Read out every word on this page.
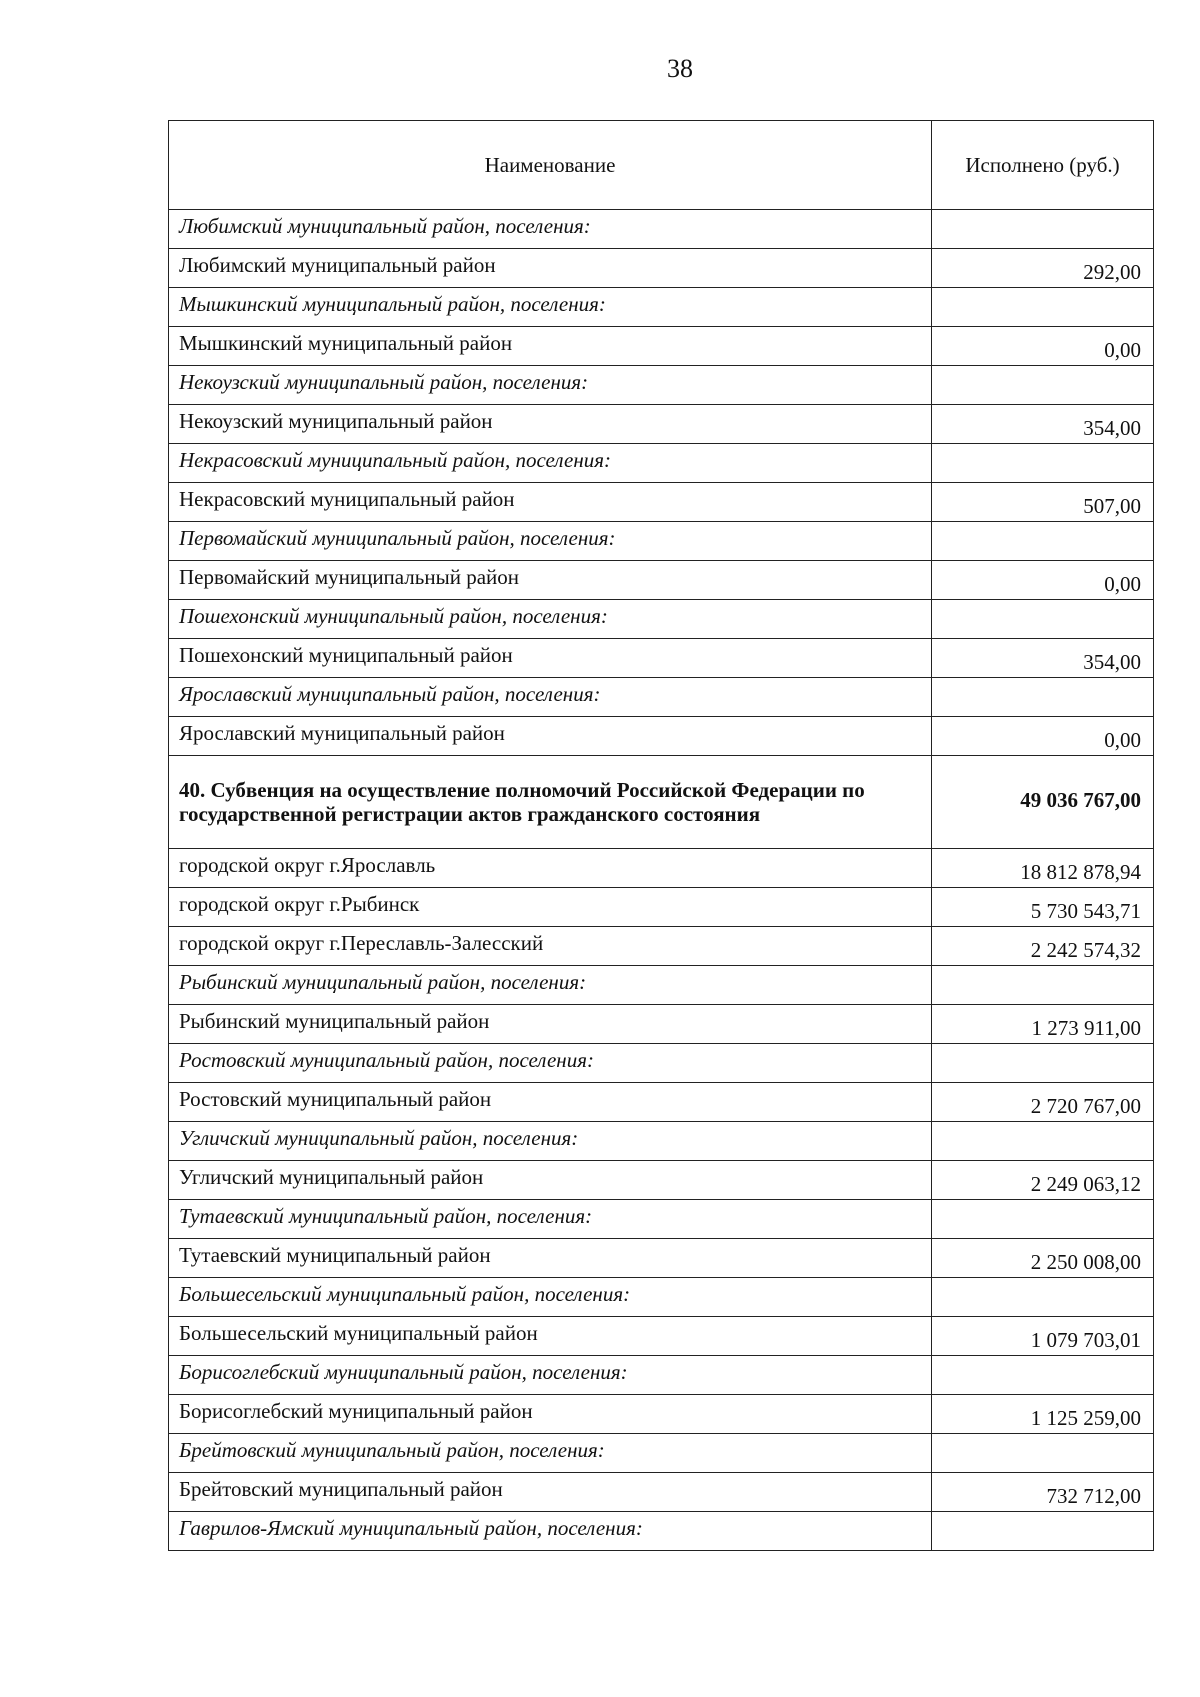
38
Наименование	Исполнено (руб.)
Любимский муниципальный район, поселения:	
Любимский муниципальный район	292,00
Мышкинский муниципальный район, поселения:	
Мышкинский муниципальный район	0,00
Некоузский муниципальный район, поселения:	
Некоузский муниципальный район	354,00
Некрасовский муниципальный район, поселения:	
Некрасовский муниципальный район	507,00
Первомайский муниципальный район, поселения:	
Первомайский муниципальный район	0,00
Пошехонский муниципальный район, поселения:	
Пошехонский муниципальный район	354,00
Ярославский муниципальный район, поселения:	
Ярославский муниципальный район	0,00
40. Субвенция на осуществление полномочий Российской Федерации по государственной регистрации актов гражданского состояния	49 036 767,00
городской округ г.Ярославль	18 812 878,94
городской округ г.Рыбинск	5 730 543,71
городской округ г.Переславль-Залесский	2 242 574,32
Рыбинский муниципальный район, поселения:	
Рыбинский муниципальный район	1 273 911,00
Ростовский муниципальный район, поселения:	
Ростовский муниципальный район	2 720 767,00
Угличский муниципальный район, поселения:	
Угличский муниципальный район	2 249 063,12
Тутаевский муниципальный район, поселения:	
Тутаевский муниципальный район	2 250 008,00
Большесельский муниципальный район, поселения:	
Большесельский муниципальный район	1 079 703,01
Борисоглебский муниципальный район, поселения:	
Борисоглебский муниципальный район	1 125 259,00
Брейтовский муниципальный район, поселения:	
Брейтовский муниципальный район	732 712,00
Гаврилов-Ямский муниципальный район, поселения:	
